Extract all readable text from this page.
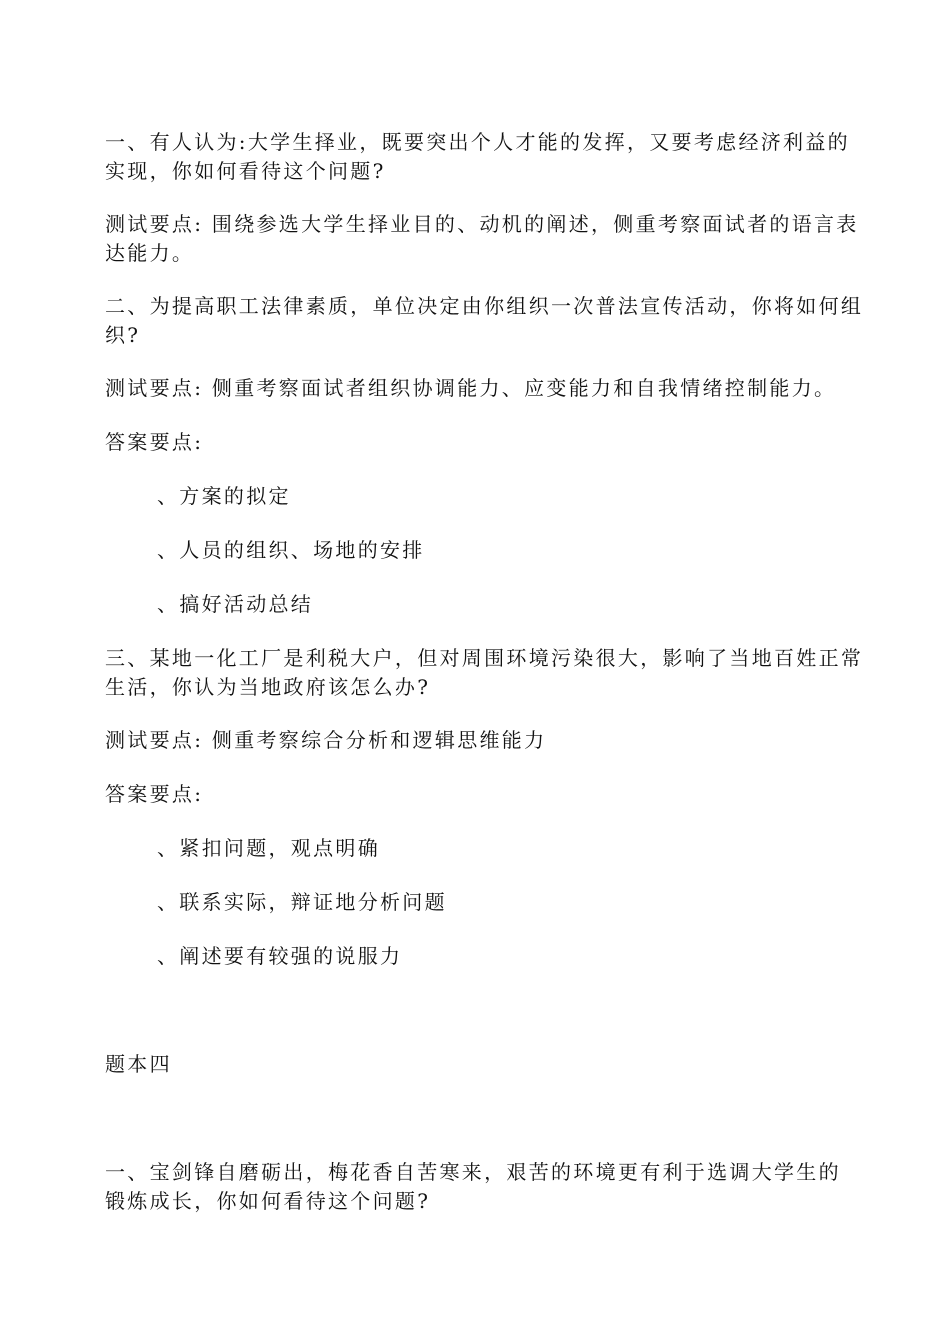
一、有人认为:⁠大学生择业，既要突出个人才能的发挥，又要考虑经济利益的
实现⁠，你如何看待这个问题?
测试要点: 围绕参选大学生择业目的、动机的阐述，侧重考察面试者的语言表
达能力。
二、为提高职工法律素质，单位决定由你组织一次普法宣传活动，你将如何组
织?
测试要点: 侧重考察面试者组织协调能力、应变能力和自我情绪控制能力。
答案要点:
、方案的拟定
、人员的组织、场地的安排
、搞好活动总结
三、某地一化工厂是利税大户，但对周围环境污染很大，影响了当地百姓正常
生活，你认为当地政府该怎么办?
测试要点: 侧重考察综合分析和逻辑思维能力
答案要点:
、紧扣问题，观点明确
、联系实际，辩证地分析问题
、阐述要有较强的说服力
题本四
一、⁠宝剑锋自磨砺出，梅花香自苦寒来⁠，艰苦的环境更有利于选调大学生的
锻炼成长，你如何看待这个问题?
